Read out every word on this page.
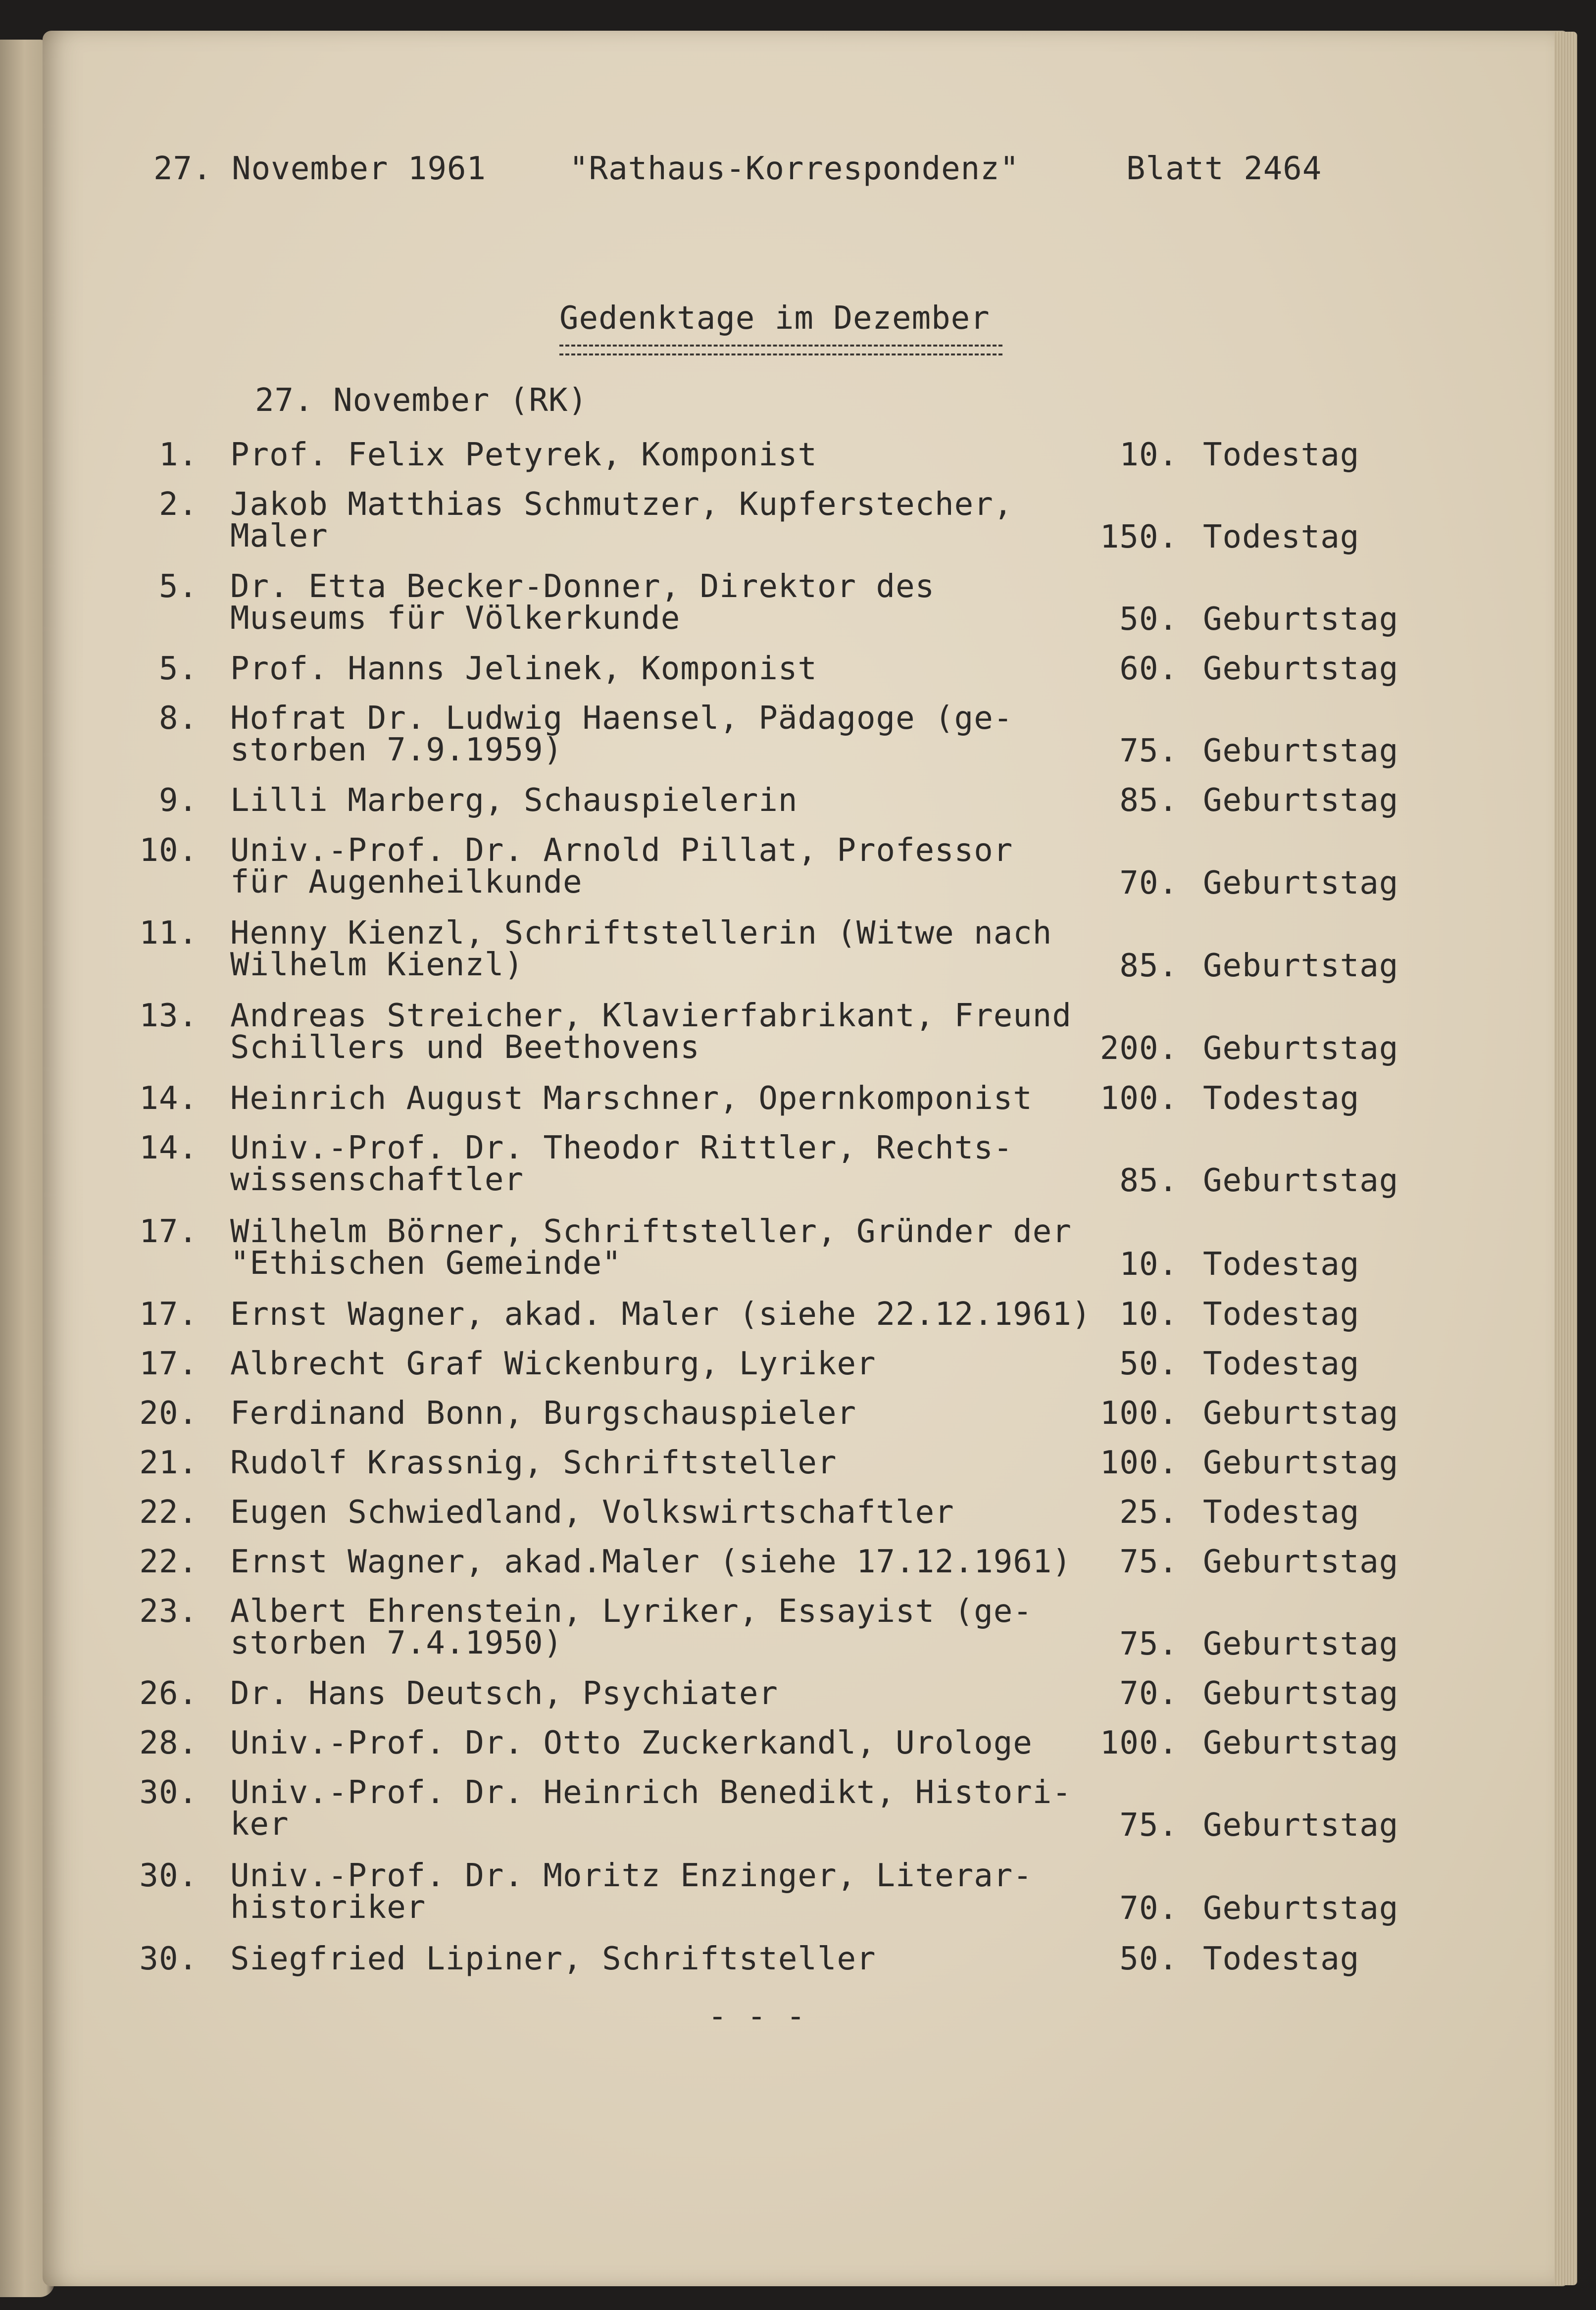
27. November 1961	"Rathaus-Korrespondenz"	Blatt 2464
Gedenktage im Dezember
27. November (RK)
1. Prof. Felix Petyrek, Komponist	10. Todestag
2. Jakob Matthias Schmutzer, Kupferstecher,
Maler	150. Todestag
5. Dr. Etta Becker-Donner, Direktor des
Museums für Völkerkunde	50. Geburtstag
5. Prof. Hanns Jelinek, Komponist	60. Geburtstag
8. Hofrat Dr. Ludwig Haensel, Pädagoge (ge-
storben 7.9.1959)	75. Geburtstag
9. Lilli Marberg, Schauspielerin	85. Geburtstag
10. Univ.-Prof. Dr. Arnold Pillat, Professor
für Augenheilkunde	70. Geburtstag
11. Henny Kienzl, Schriftstellerin (Witwe nach
Wilhelm Kienzl)	85. Geburtstag
13. Andreas Streicher, Klavierfabrikant, Freund
Schillers und Beethovens	200. Geburtstag
14. Heinrich August Marschner, Opernkomponist	100. Todestag
14. Univ.-Prof. Dr. Theodor Rittler, Rechts-
wissenschaftler	85. Geburtstag
17. Wilhelm Börner, Schriftsteller, Gründer der
"Ethischen Gemeinde"	10. Todestag
17. Ernst Wagner, akad. Maler (siehe 22.12.1961) 10. Todestag
17. Albrecht Graf Wickenburg, Lyriker	50. Todestag
20. Ferdinand Bonn, Burgschauspieler	100. Geburtstag
21. Rudolf Krassnig, Schriftsteller	100. Geburtstag
22. Eugen Schwiedland, Volkswirtschaftler	25. Todestag
22. Ernst Wagner, akad.Maler (siehe 17.12.1961)	75. Geburtstag
23. Albert Ehrenstein, Lyriker, Essayist (ge-
storben 7.4.1950)	75. Geburtstag
26. Dr. Hans Deutsch, Psychiater	70. Geburtstag
28. Univ.-Prof. Dr. Otto Zuckerkandl, Urologe	100. Geburtstag
30. Univ.-Prof. Dr. Heinrich Benedikt, Histori-
ker	75. Geburtstag
30. Univ.-Prof. Dr. Moritz Enzinger, Literar-
historiker	70. Geburtstag
30. Siegfried Lipiner, Schriftsteller	50. Todestag
- - -
